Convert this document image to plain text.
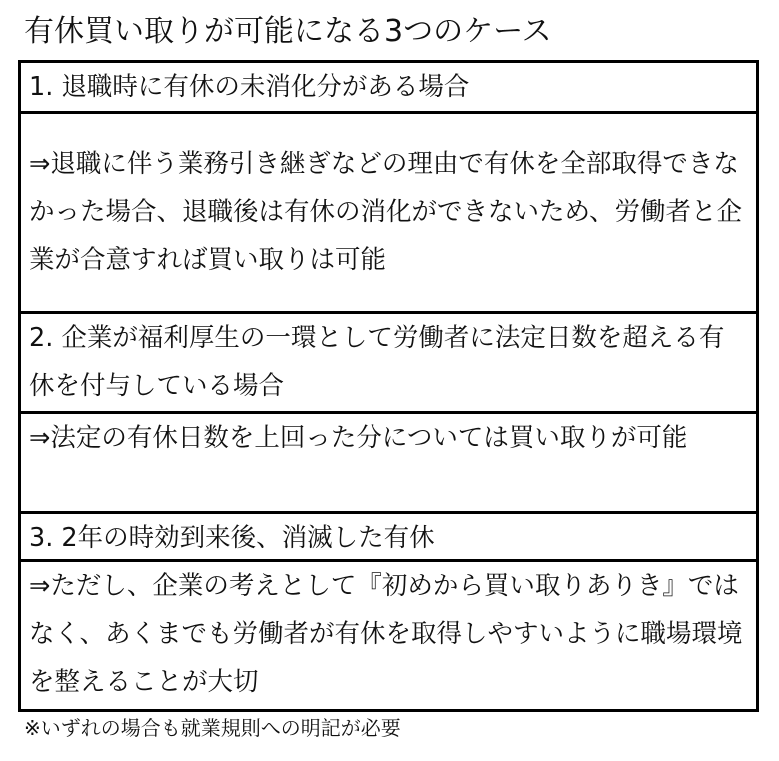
有休買い取りが可能になる3つのケース
1. 退職時に有休の未消化分がある場合
⇒退職に伴う業務引き継ぎなどの理由で有休を全部取得できなかった場合、退職後は有休の消化ができないため、労働者と企業が合意すれば買い取りは可能
2. 企業が福利厚生の一環として労働者に法定日数を超える有休を付与している場合
⇒法定の有休日数を上回った分については買い取りが可能
3. 2年の時効到来後、消滅した有休
⇒ただし、企業の考えとして『初めから買い取りありき』ではなく、あくまでも労働者が有休を取得しやすいように職場環境を整えることが大切
※いずれの場合も就業規則への明記が必要
